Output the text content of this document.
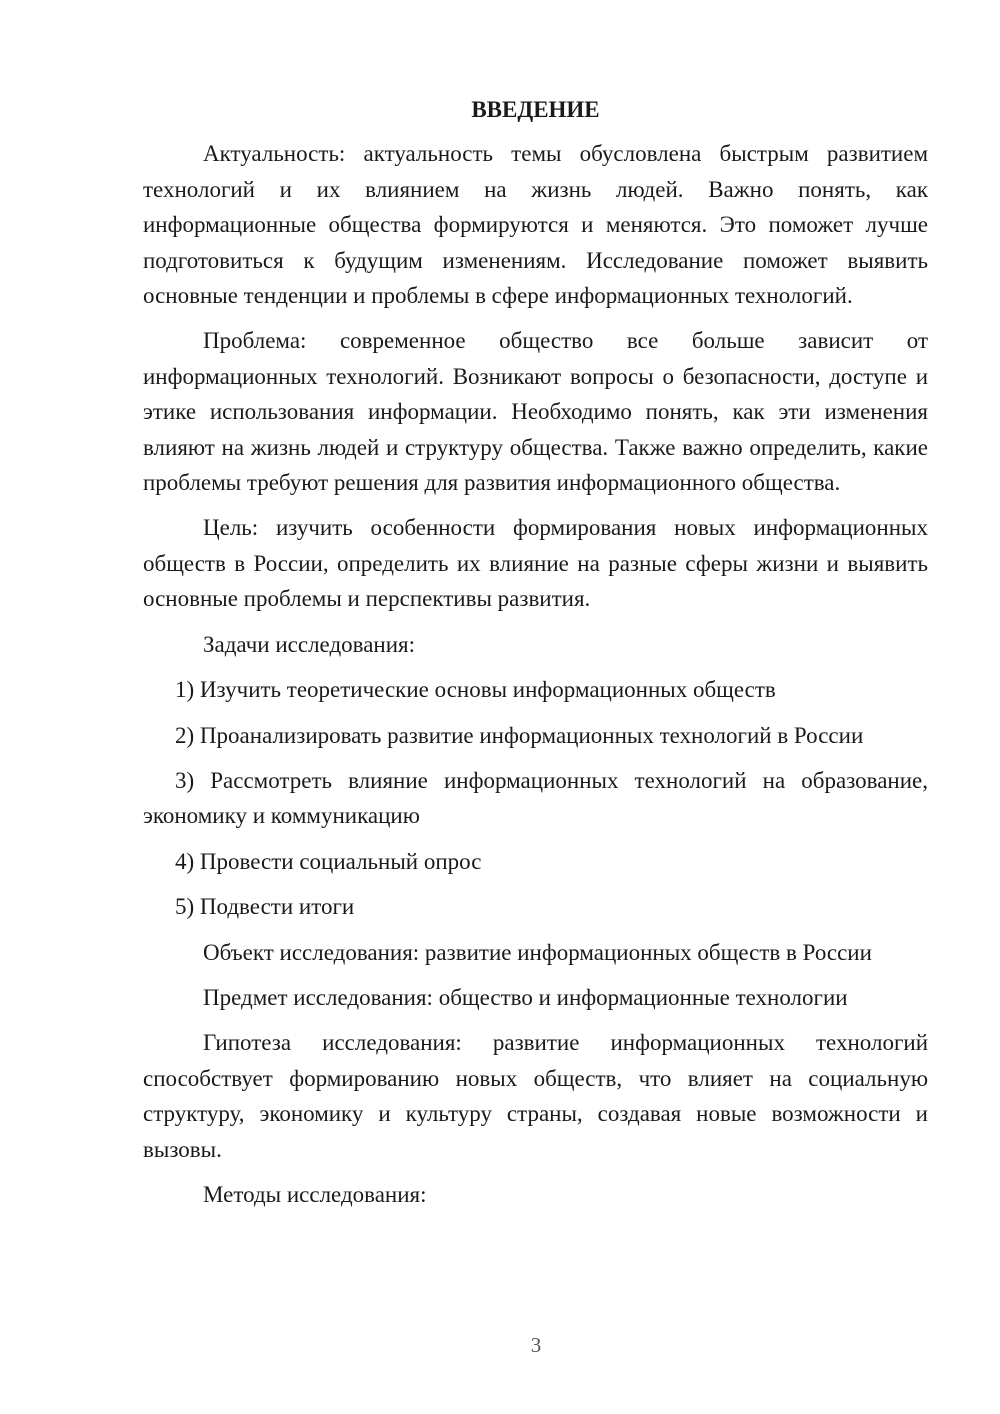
ВВЕДЕНИЕ

Актуальность: актуальность темы обусловлена быстрым развитием технологий и их влиянием на жизнь людей. Важно понять, как информационные общества формируются и меняются. Это поможет лучше подготовиться к будущим изменениям. Исследование поможет выявить основные тенденции и проблемы в сфере информационных технологий.

Проблема: современное общество все больше зависит от информационных технологий. Возникают вопросы о безопасности, доступе и этике использования информации. Необходимо понять, как эти изменения влияют на жизнь людей и структуру общества. Также важно определить, какие проблемы требуют решения для развития информационного общества.

Цель: изучить особенности формирования новых информационных обществ в России, определить их влияние на разные сферы жизни и выявить основные проблемы и перспективы развития.

Задачи исследования:

1) Изучить теоретические основы информационных обществ

2) Проанализировать развитие информационных технологий в России

3) Рассмотреть влияние информационных технологий на образование, экономику и коммуникацию

4) Провести социальный опрос

5) Подвести итоги

Объект исследования: развитие информационных обществ в России

Предмет исследования: общество и информационные технологии

Гипотеза исследования: развитие информационных технологий способствует формированию новых обществ, что влияет на социальную структуру, экономику и культуру страны, создавая новые возможности и вызовы.

Методы исследования:

3
